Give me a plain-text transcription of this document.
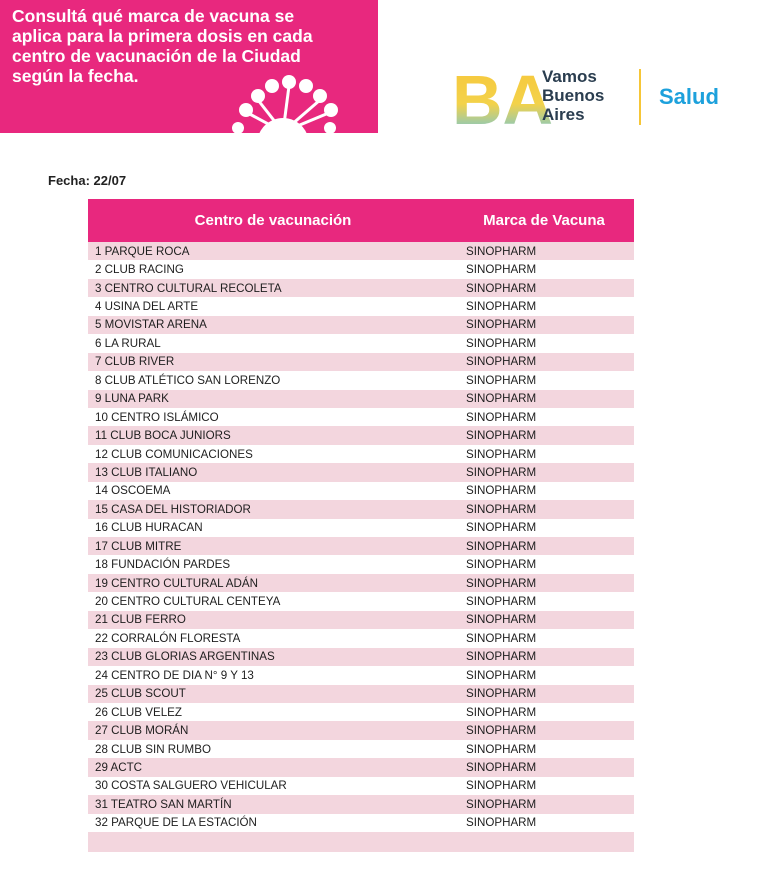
Consultá qué marca de vacuna se
aplica para la primera dosis en cada
centro de vacunación de la Ciudad
según la fecha.	BA
Vamos
Buenos
Aires
Salud
Fecha: 22/07
Centro de vacunación	Marca de Vacuna
1 PARQUE ROCA	SINOPHARM
2 CLUB RACING	SINOPHARM
3 CENTRO CULTURAL RECOLETA	SINOPHARM
4 USINA DEL ARTE	SINOPHARM
5 MOVISTAR ARENA	SINOPHARM
6 LA RURAL	SINOPHARM
7 CLUB RIVER	SINOPHARM
8 CLUB ATLÉTICO SAN LORENZO	SINOPHARM
9 LUNA PARK	SINOPHARM
10 CENTRO ISLÁMICO	SINOPHARM
11 CLUB BOCA JUNIORS	SINOPHARM
12 CLUB COMUNICACIONES	SINOPHARM
13 CLUB ITALIANO	SINOPHARM
14 OSCOEMA	SINOPHARM
15 CASA DEL HISTORIADOR	SINOPHARM
16 CLUB HURACAN	SINOPHARM
17 CLUB MITRE	SINOPHARM
18 FUNDACIÓN PARDES	SINOPHARM
19 CENTRO CULTURAL ADÁN	SINOPHARM
20 CENTRO CULTURAL CENTEYA	SINOPHARM
21 CLUB FERRO	SINOPHARM
22 CORRALÓN FLORESTA	SINOPHARM
23 CLUB GLORIAS ARGENTINAS	SINOPHARM
24 CENTRO DE DIA N° 9 Y 13	SINOPHARM
25 CLUB SCOUT	SINOPHARM
26 CLUB VELEZ	SINOPHARM
27 CLUB MORÁN	SINOPHARM
28 CLUB SIN RUMBO	SINOPHARM
29 ACTC	SINOPHARM
30 COSTA SALGUERO VEHICULAR	SINOPHARM
31 TEATRO SAN MARTÍN	SINOPHARM
32 PARQUE DE LA ESTACIÓN	SINOPHARM
